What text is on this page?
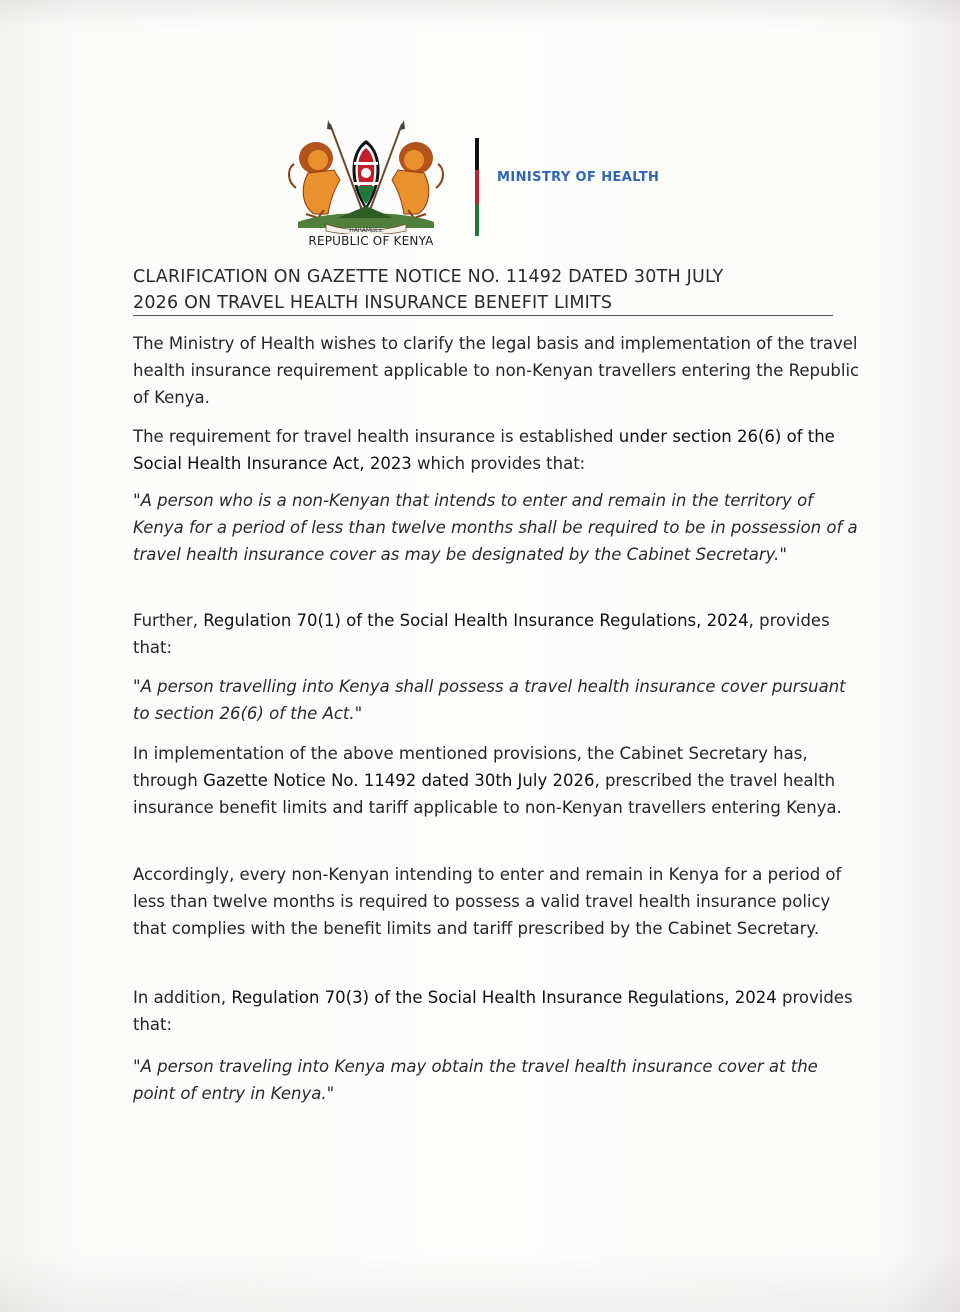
HARAMBEE
REPUBLIC OF KENYA
MINISTRY OF HEALTH
CLARIFICATION ON GAZETTE NOTICE NO. 11492 DATED 30TH JULY
2026 ON TRAVEL HEALTH INSURANCE BENEFIT LIMITS

The Ministry of Health wishes to clarify the legal basis and implementation of the travel health insurance requirement applicable to non-Kenyan travellers entering the Republic of Kenya.

The requirement for travel health insurance is established under section 26(6) of the Social Health Insurance Act, 2023 which provides that:

"A person who is a non-Kenyan that intends to enter and remain in the territory of Kenya for a period of less than twelve months shall be required to be in possession of a travel health insurance cover as may be designated by the Cabinet Secretary."

Further, Regulation 70(1) of the Social Health Insurance Regulations, 2024, provides that:

"A person travelling into Kenya shall possess a travel health insurance cover pursuant to section 26(6) of the Act."

In implementation of the above mentioned provisions, the Cabinet Secretary has, through Gazette Notice No. 11492 dated 30th July 2026, prescribed the travel health insurance benefit limits and tariff applicable to non-Kenyan travellers entering Kenya.

Accordingly, every non-Kenyan intending to enter and remain in Kenya for a period of less than twelve months is required to possess a valid travel health insurance policy that complies with the benefit limits and tariff prescribed by the Cabinet Secretary.

In addition, Regulation 70(3) of the Social Health Insurance Regulations, 2024 provides that:

"A person traveling into Kenya may obtain the travel health insurance cover at the point of entry in Kenya."
